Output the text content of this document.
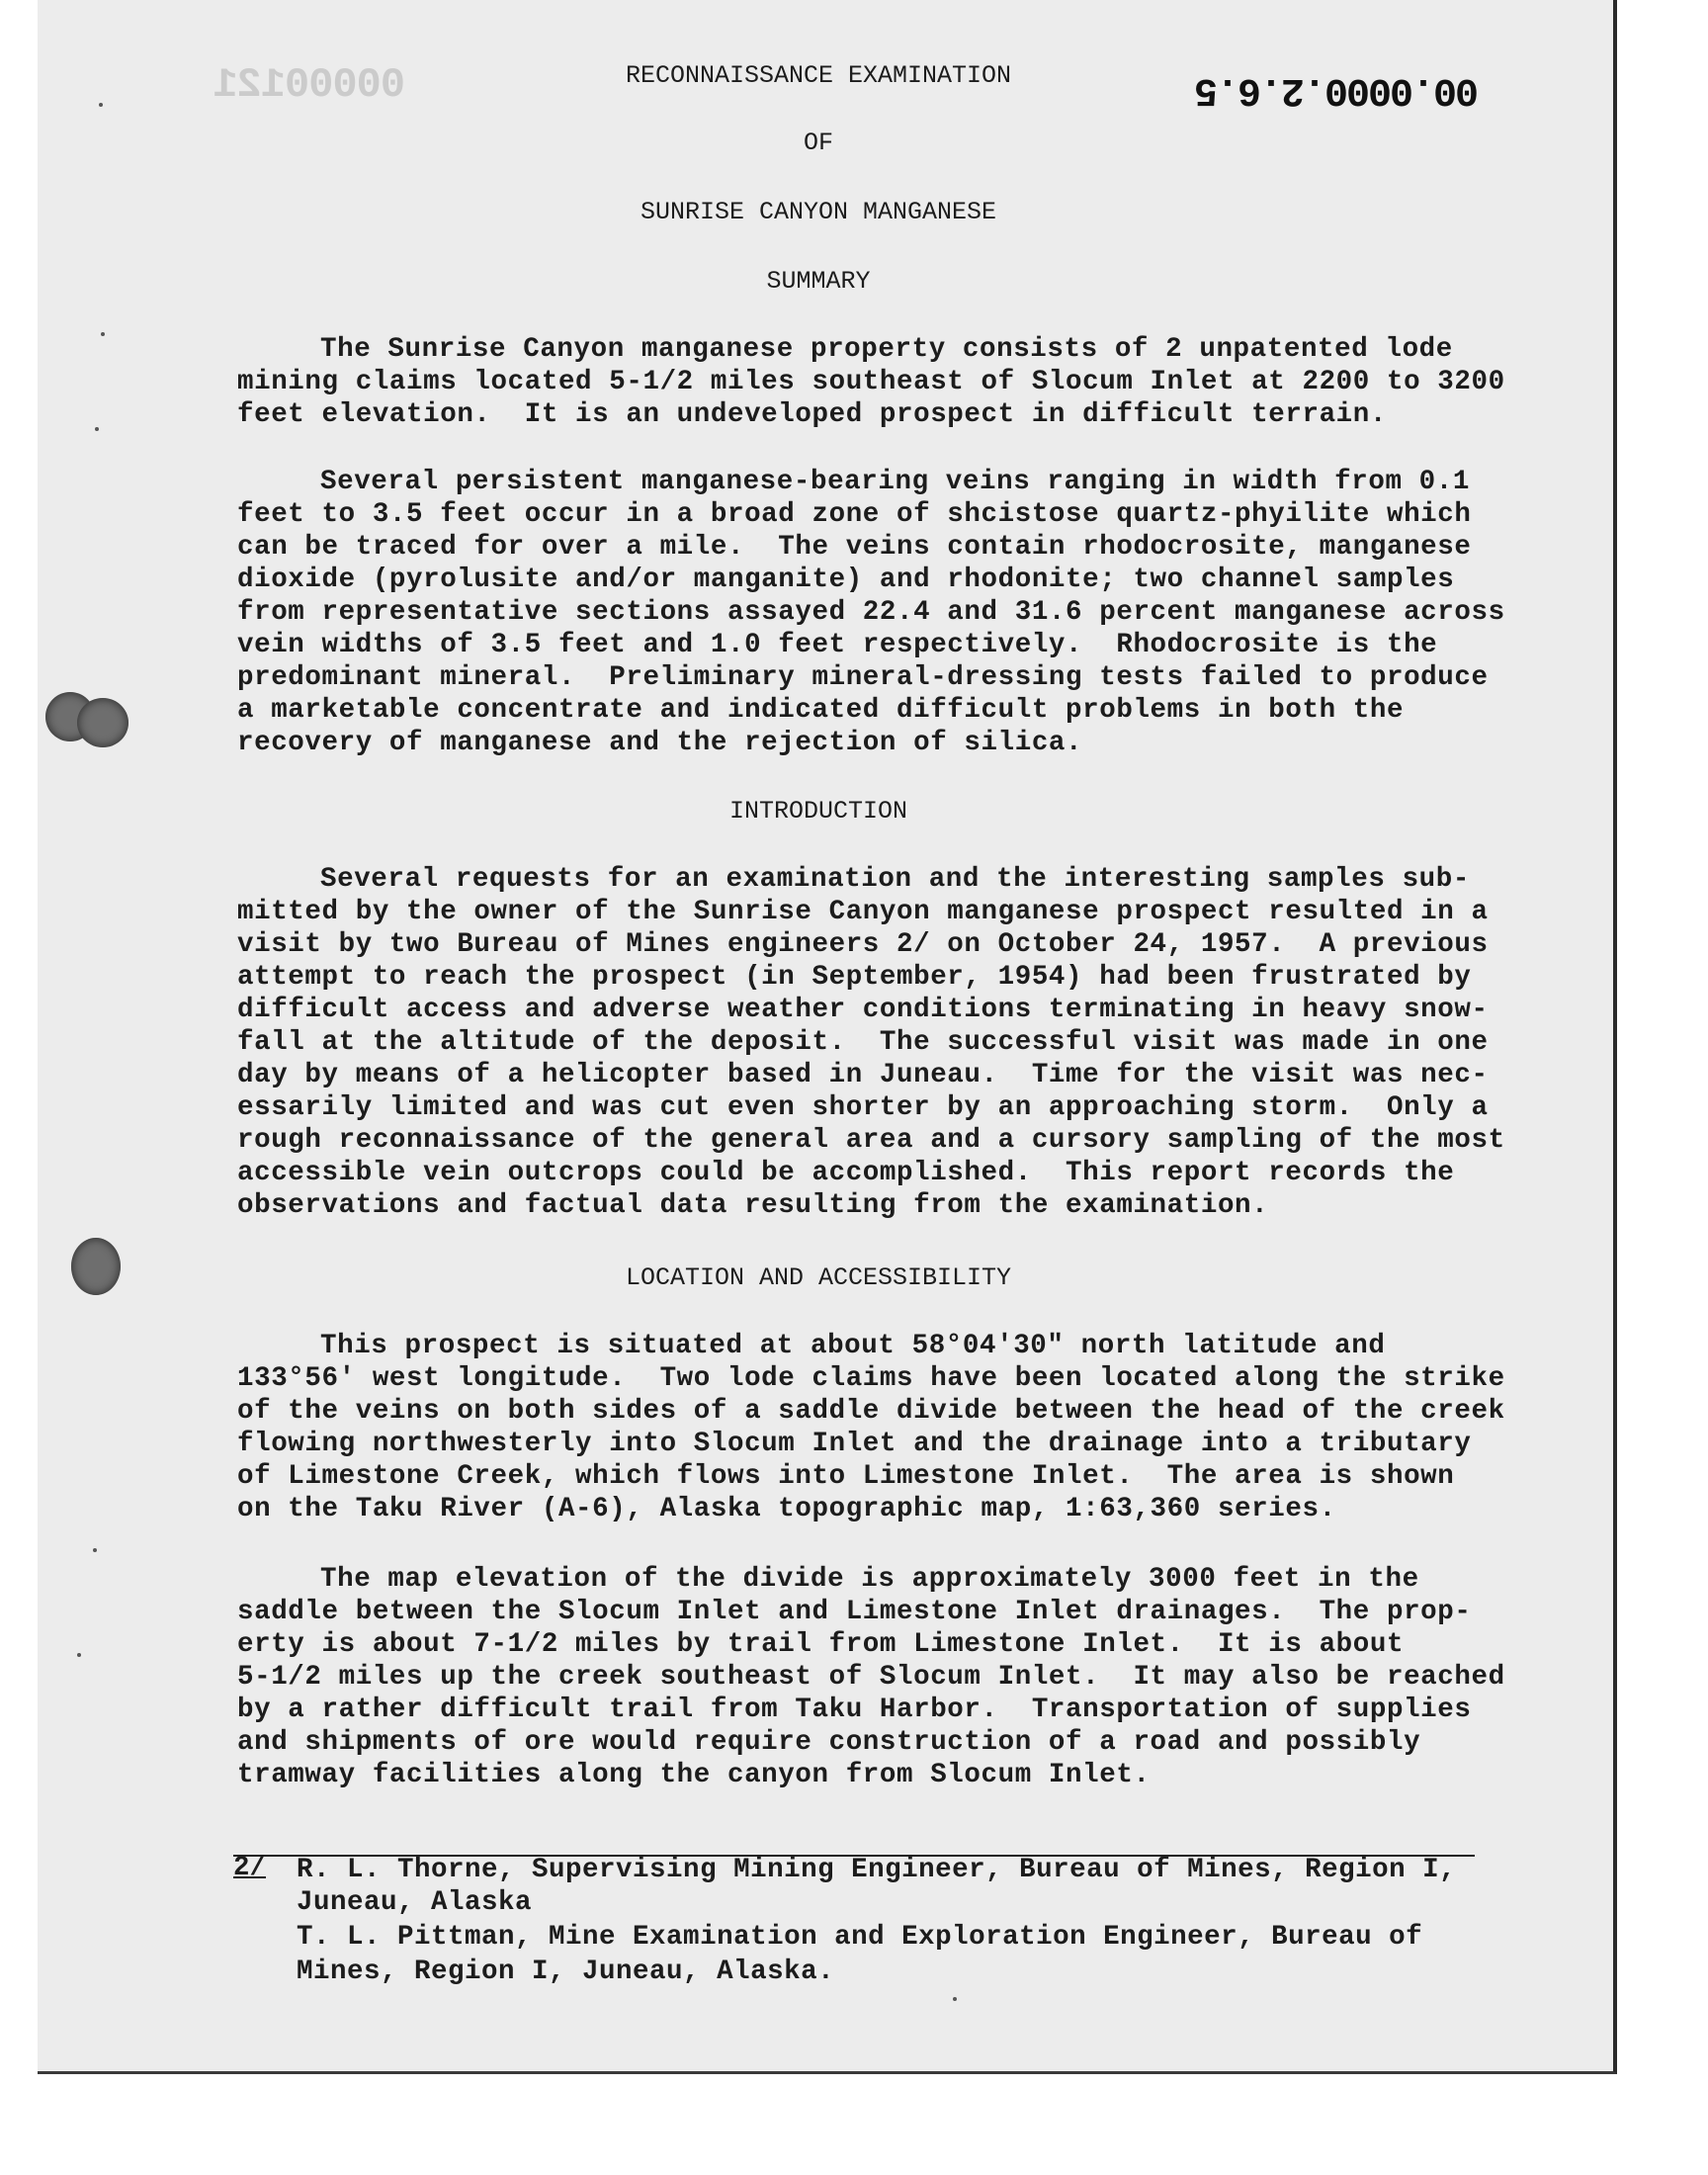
00000121	00.0000.2.6.5
RECONNAISSANCE EXAMINATION
OF
SUNRISE CANYON MANGANESE
SUMMARY
The Sunrise Canyon manganese property consists of 2 unpatented lode
mining claims located 5-1/2 miles southeast of Slocum Inlet at 2200 to 3200
feet elevation.  It is an undeveloped prospect in difficult terrain.
Several persistent manganese-bearing veins ranging in width from 0.1
feet to 3.5 feet occur in a broad zone of shcistose quartz-phyilite which
can be traced for over a mile.  The veins contain rhodocrosite, manganese
dioxide (pyrolusite and/or manganite) and rhodonite; two channel samples
from representative sections assayed 22.4 and 31.6 percent manganese across
vein widths of 3.5 feet and 1.0 feet respectively.  Rhodocrosite is the
predominant mineral.  Preliminary mineral-dressing tests failed to produce
a marketable concentrate and indicated difficult problems in both the
recovery of manganese and the rejection of silica.
INTRODUCTION
Several requests for an examination and the interesting samples sub-
mitted by the owner of the Sunrise Canyon manganese prospect resulted in a
visit by two Bureau of Mines engineers 2/ on October 24, 1957.  A previous
attempt to reach the prospect (in September, 1954) had been frustrated by
difficult access and adverse weather conditions terminating in heavy snow-
fall at the altitude of the deposit.  The successful visit was made in one
day by means of a helicopter based in Juneau.  Time for the visit was nec-
essarily limited and was cut even shorter by an approaching storm.  Only a
rough reconnaissance of the general area and a cursory sampling of the most
accessible vein outcrops could be accomplished.  This report records the
observations and factual data resulting from the examination.
LOCATION AND ACCESSIBILITY
This prospect is situated at about 58°04'30" north latitude and
133°56' west longitude.  Two lode claims have been located along the strike
of the veins on both sides of a saddle divide between the head of the creek
flowing northwesterly into Slocum Inlet and the drainage into a tributary
of Limestone Creek, which flows into Limestone Inlet.  The area is shown
on the Taku River (A-6), Alaska topographic map, 1:63,360 series.
The map elevation of the divide is approximately 3000 feet in the
saddle between the Slocum Inlet and Limestone Inlet drainages.  The prop-
erty is about 7-1/2 miles by trail from Limestone Inlet.  It is about
5-1/2 miles up the creek southeast of Slocum Inlet.  It may also be reached
by a rather difficult trail from Taku Harbor.  Transportation of supplies
and shipments of ore would require construction of a road and possibly
tramway facilities along the canyon from Slocum Inlet.
2/ R. L. Thorne, Supervising Mining Engineer, Bureau of Mines, Region I,
Juneau, Alaska
T. L. Pittman, Mine Examination and Exploration Engineer, Bureau of
Mines, Region I, Juneau, Alaska.
